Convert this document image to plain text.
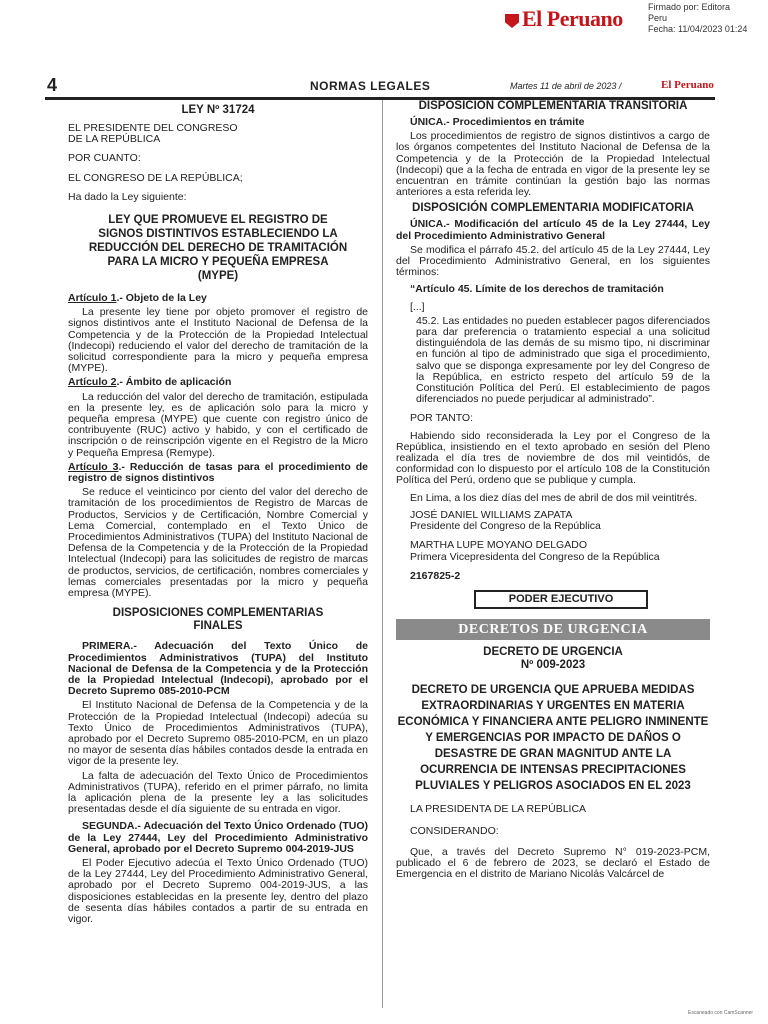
El Peruano	Firmado por: Editora
Peru
Fecha: 11/04/2023 01:24
4	NORMAS LEGALES	Martes 11 de abril de 2023 /	El Peruano
LEY Nº 31724
EL PRESIDENTE DEL CONGRESO
DE LA REPÚBLICA
POR CUANTO:
EL CONGRESO DE LA REPÚBLICA;
Ha dado la Ley siguiente:
LEY QUE PROMUEVE EL REGISTRO DE SIGNOS DISTINTIVOS ESTABLECIENDO LA REDUCCIÓN DEL DERECHO DE TRAMITACIÓN PARA LA MICRO Y PEQUEÑA EMPRESA (MYPE)

Artículo 1.- Objeto de la Ley

La presente ley tiene por objeto promover el registro de signos distintivos ante el Instituto Nacional de Defensa de la Competencia y de la Protección de la Propiedad Intelectual (Indecopi) reduciendo el valor del derecho de tramitación de la solicitud correspondiente para la micro y pequeña empresa (MYPE).

Artículo 2.- Ámbito de aplicación

La reducción del valor del derecho de tramitación, estipulada en la presente ley, es de aplicación solo para la micro y pequeña empresa (MYPE) que cuente con registro único de contribuyente (RUC) activo y habido, y con el certificado de inscripción o de reinscripción vigente en el Registro de la Micro y Pequeña Empresa (Remype).

Artículo 3.- Reducción de tasas para el procedimiento de registro de signos distintivos

Se reduce el veinticinco por ciento del valor del derecho de tramitación de los procedimientos de Registro de Marcas de Productos, Servicios y de Certificación, Nombre Comercial y Lema Comercial, contemplado en el Texto Único de Procedimientos Administrativos (TUPA) del Instituto Nacional de Defensa de la Competencia y de la Protección de la Propiedad Intelectual (Indecopi) para las solicitudes de registro de marcas de productos, servicios, de certificación, nombres comerciales y lemas comerciales presentadas por la micro y pequeña empresa (MYPE).

DISPOSICIONES COMPLEMENTARIAS FINALES

PRIMERA.- Adecuación del Texto Único de Procedimientos Administrativos (TUPA) del Instituto Nacional de Defensa de la Competencia y de la Protección de la Propiedad Intelectual (Indecopi), aprobado por el Decreto Supremo 085-2010-PCM

El Instituto Nacional de Defensa de la Competencia y de la Protección de la Propiedad Intelectual (Indecopi) adecúa su Texto Único de Procedimientos Administrativos (TUPA), aprobado por el Decreto Supremo 085-2010-PCM, en un plazo no mayor de sesenta días hábiles contados desde la entrada en vigor de la presente ley.

La falta de adecuación del Texto Único de Procedimientos Administrativos (TUPA), referido en el primer párrafo, no limita la aplicación plena de la presente ley a las solicitudes presentadas desde el día siguiente de su entrada en vigor.

SEGUNDA.- Adecuación del Texto Único Ordenado (TUO) de la Ley 27444, Ley del Procedimiento Administrativo General, aprobado por el Decreto Supremo 004-2019-JUS

El Poder Ejecutivo adecúa el Texto Único Ordenado (TUO) de la Ley 27444, Ley del Procedimiento Administrativo General, aprobado por el Decreto Supremo 004-2019-JUS, a las disposiciones establecidas en la presente ley, dentro del plazo de sesenta días hábiles contados a partir de su entrada en vigor.

DISPOSICIÓN COMPLEMENTARIA TRANSITORIA

ÚNICA.- Procedimientos en trámite

Los procedimientos de registro de signos distintivos a cargo de los órganos competentes del Instituto Nacional de Defensa de la Competencia y de la Protección de la Propiedad Intelectual (Indecopi) que a la fecha de entrada en vigor de la presente ley se encuentran en trámite continúan la gestión bajo las normas anteriores a esta referida ley.

DISPOSICIÓN COMPLEMENTARIA MODIFICATORIA

ÚNICA.- Modificación del artículo 45 de la Ley 27444, Ley del Procedimiento Administrativo General

Se modifica el párrafo 45.2. del artículo 45 de la Ley 27444, Ley del Procedimiento Administrativo General, en los siguientes términos:

“Artículo 45. Límite de los derechos de tramitación

[...]

45.2. Las entidades no pueden establecer pagos diferenciados para dar preferencia o tratamiento especial a una solicitud distinguiéndola de las demás de su mismo tipo, ni discriminar en función al tipo de administrado que siga el procedimiento, salvo que se disponga expresamente por ley del Congreso de la República, en estricto respeto del artículo 59 de la Constitución Política del Perú. El establecimiento de pagos diferenciados no puede perjudicar al administrado”.

POR TANTO:

Habiendo sido reconsiderada la Ley por el Congreso de la República, insistiendo en el texto aprobado en sesión del Pleno realizada el día tres de noviembre de dos mil veintidós, de conformidad con lo dispuesto por el artículo 108 de la Constitución Política del Perú, ordeno que se publique y cumpla.

En Lima, a los diez días del mes de abril de dos mil veintitrés.

JOSÉ DANIEL WILLIAMS ZAPATA

Presidente del Congreso de la República

MARTHA LUPE MOYANO DELGADO

Primera Vicepresidenta del Congreso de la República

2167825-2

PODER EJECUTIVO
DECRETOS DE URGENCIA
DECRETO DE URGENCIA
Nº 009-2023
DECRETO DE URGENCIA QUE APRUEBA MEDIDAS EXTRAORDINARIAS Y URGENTES EN MATERIA ECONÓMICA Y FINANCIERA ANTE PELIGRO INMINENTE Y EMERGENCIAS POR IMPACTO DE DAÑOS O DESASTRE DE GRAN MAGNITUD ANTE LA OCURRENCIA DE INTENSAS PRECIPITACIONES PLUVIALES Y PELIGROS ASOCIADOS EN EL 2023

LA PRESIDENTA DE LA REPÚBLICA

CONSIDERANDO:

Que, a través del Decreto Supremo N° 019-2023-PCM, publicado el 6 de febrero de 2023, se declaró el Estado de Emergencia en el distrito de Mariano Nicolás Valcárcel de

Escaneado con CamScanner
